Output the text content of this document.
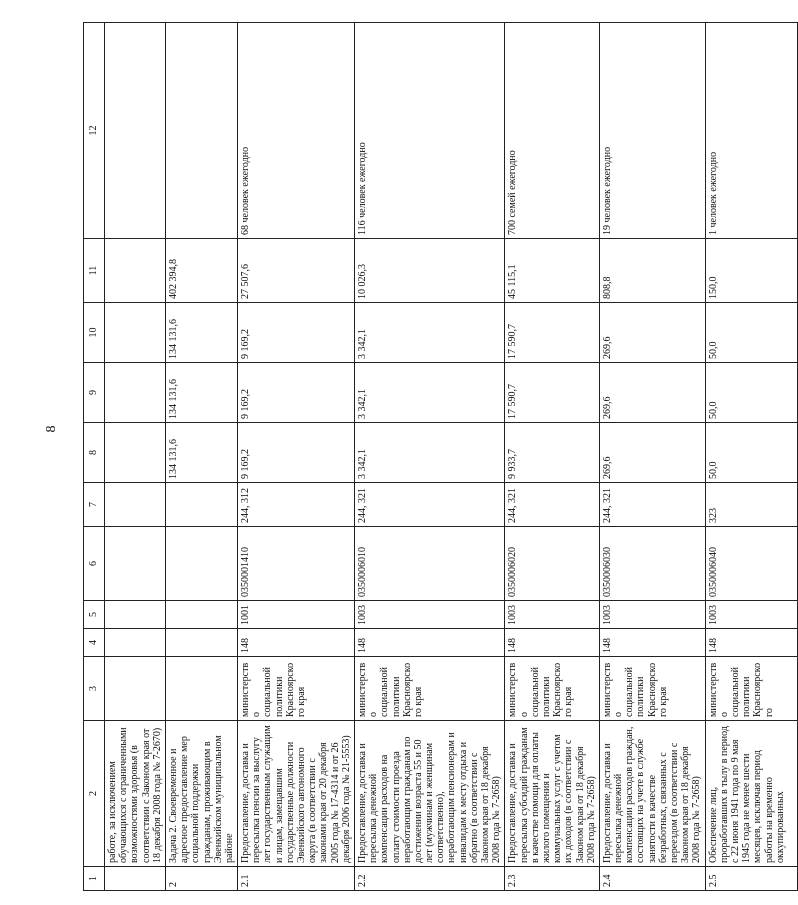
8
1	2	3	4	5	6	7	8	9	10	11	12
	работе, за исключением обучающихся с ограниченными возможностями здоровья (в соответствии с Законом края от 18 декабря 2008 года № 7-2670)										
2	Задача 2. Своевременное и адресное предоставление мер социальной поддержки гражданам, проживающим в Эвенкийском муниципальном районе						134 131,6	134 131,6	134 131,6	402 394,8	
2.1	Предоставление, доставка и пересылка пенсии за выслугу лет государственным служащим и лицам, замещавшим государственные должности Эвенкийского автономного округа (в соответствии с законами края от 20 декабря 2005 года № 17-4314 и от 26 декабря 2006 года № 21-5553)	министерство социальной политики Красноярского края	148	1001	0350001410	244, 312	9 169,2	9 169,2	9 169,2	27 507,6	68 человек ежегодно
2.2	Предоставление, доставка и пересылка денежной компенсации расходов на оплату стоимости проезда неработающим гражданам по достижении возраста 55 и 50 лет (мужчинам и женщинам соответственно), неработающим пенсионерам и инвалидам к месту отдыха и обратно (в соответствии с Законом края от 18 декабря 2008 года № 7-2658)	министерство социальной политики Красноярского края	148	1003	0350006010	244, 321	3 342,1	3 342,1	3 342,1	10 026,3	116 человек ежегодно
2.3	Предоставление, доставка и пересылка субсидий гражданам в качестве помощи для оплаты жилого помещения и коммунальных услуг с учетом их доходов (в соответствии с Законом края от 18 декабря 2008 года № 7-2658)	министерство социальной политики Красноярского края	148	1003	0350006020	244, 321	9 933,7	17 590,7	17 590,7	45 115,1	700 семей ежегодно
2.4	Предоставление, доставка и пересылка денежной компенсации расходов граждан, состоящих на учете в службе занятости в качестве безработных, связанных с переездом (в соответствии с Законом края от 18 декабря 2008 года № 7-2658)	министерство социальной политики Красноярского края	148	1003	0350006030	244, 321	269,6	269,6	269,6	808,8	19 человек ежегодно
2.5	Обеспечение лиц, проработавших в тылу в период с 22 июня 1941 года по 9 мая 1945 года не менее шести месяцев, исключая период работы на временно оккупированных	министерство социальной политики Красноярского	148	1003	0350006040	323	50,0	50,0	50,0	150,0	1 человек ежегодно
